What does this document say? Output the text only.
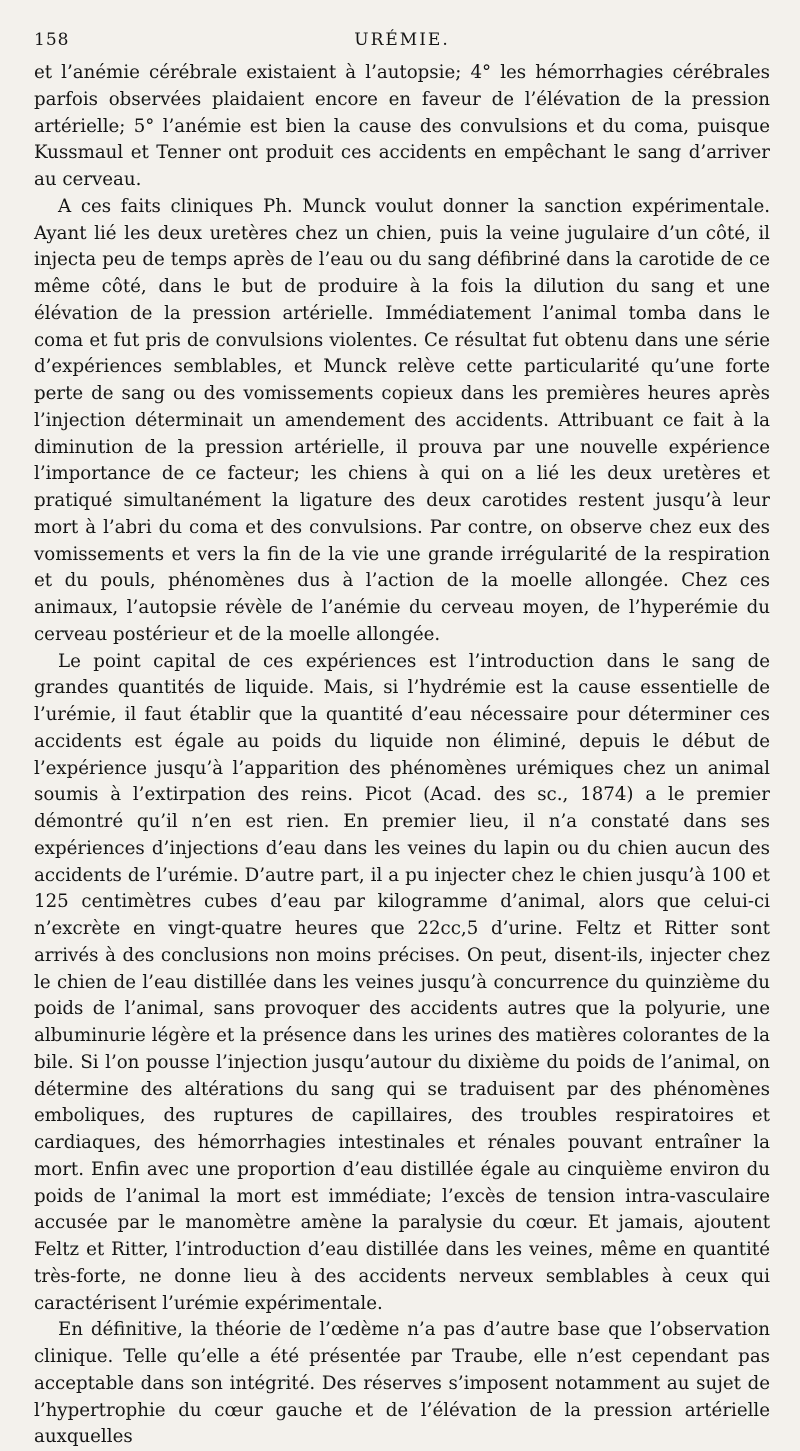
158	URÉMIE.

et l’anémie cérébrale existaient à l’autopsie; 4° les hémorrhagies cérébrales parfois observées plaidaient encore en faveur de l’élévation de la pression artérielle; 5° l’anémie est bien la cause des convulsions et du coma, puisque Kussmaul et Tenner ont produit ces accidents en empêchant le sang d’arriver au cerveau.

A ces faits cliniques Ph. Munck voulut donner la sanction expérimentale. Ayant lié les deux uretères chez un chien, puis la veine jugulaire d’un côté, il injecta peu de temps après de l’eau ou du sang défibriné dans la carotide de ce même côté, dans le but de produire à la fois la dilution du sang et une élévation de la pression artérielle. Immédiatement l’animal tomba dans le coma et fut pris de convulsions violentes. Ce résultat fut obtenu dans une série d’expériences semblables, et Munck relève cette particularité qu’une forte perte de sang ou des vomissements copieux dans les premières heures après l’injection déterminait un amendement des accidents. Attribuant ce fait à la diminution de la pression artérielle, il prouva par une nouvelle expérience l’importance de ce facteur; les chiens à qui on a lié les deux uretères et pratiqué simultanément la ligature des deux carotides restent jusqu’à leur mort à l’abri du coma et des convulsions. Par contre, on observe chez eux des vomissements et vers la fin de la vie une grande irrégularité de la respiration et du pouls, phénomènes dus à l’action de la moelle allongée. Chez ces animaux, l’autopsie révèle de l’anémie du cerveau moyen, de l’hyperémie du cerveau postérieur et de la moelle allongée.

Le point capital de ces expériences est l’introduction dans le sang de grandes quantités de liquide. Mais, si l’hydrémie est la cause essentielle de l’urémie, il faut établir que la quantité d’eau nécessaire pour déterminer ces accidents est égale au poids du liquide non éliminé, depuis le début de l’expérience jusqu’à l’apparition des phénomènes urémiques chez un animal soumis à l’extirpation des reins. Picot (Acad. des sc., 1874) a le premier démontré qu’il n’en est rien. En premier lieu, il n’a constaté dans ses expériences d’injections d’eau dans les veines du lapin ou du chien aucun des accidents de l’urémie. D’autre part, il a pu injecter chez le chien jusqu’à 100 et 125 centimètres cubes d’eau par kilogramme d’animal, alors que celui-ci n’excrète en vingt-quatre heures que 22cc,5 d’urine. Feltz et Ritter sont arrivés à des conclusions non moins précises. On peut, disent-ils, injecter chez le chien de l’eau distillée dans les veines jusqu’à concurrence du quinzième du poids de l’animal, sans provoquer des accidents autres que la polyurie, une albuminurie légère et la présence dans les urines des matières colorantes de la bile. Si l’on pousse l’injection jusqu’autour du dixième du poids de l’animal, on détermine des altérations du sang qui se traduisent par des phénomènes emboliques, des ruptures de capillaires, des troubles respiratoires et cardiaques, des hémorrhagies intestinales et rénales pouvant entraîner la mort. Enfin avec une proportion d’eau distillée égale au cinquième environ du poids de l’animal la mort est immédiate; l’excès de tension intra-vasculaire accusée par le manomètre amène la paralysie du cœur. Et jamais, ajoutent Feltz et Ritter, l’introduction d’eau distillée dans les veines, même en quantité très-forte, ne donne lieu à des accidents nerveux semblables à ceux qui caractérisent l’urémie expérimentale.

En définitive, la théorie de l’œdème n’a pas d’autre base que l’observation clinique. Telle qu’elle a été présentée par Traube, elle n’est cependant pas acceptable dans son intégrité. Des réserves s’imposent notamment au sujet de l’hypertrophie du cœur gauche et de l’élévation de la pression artérielle auxquelles
